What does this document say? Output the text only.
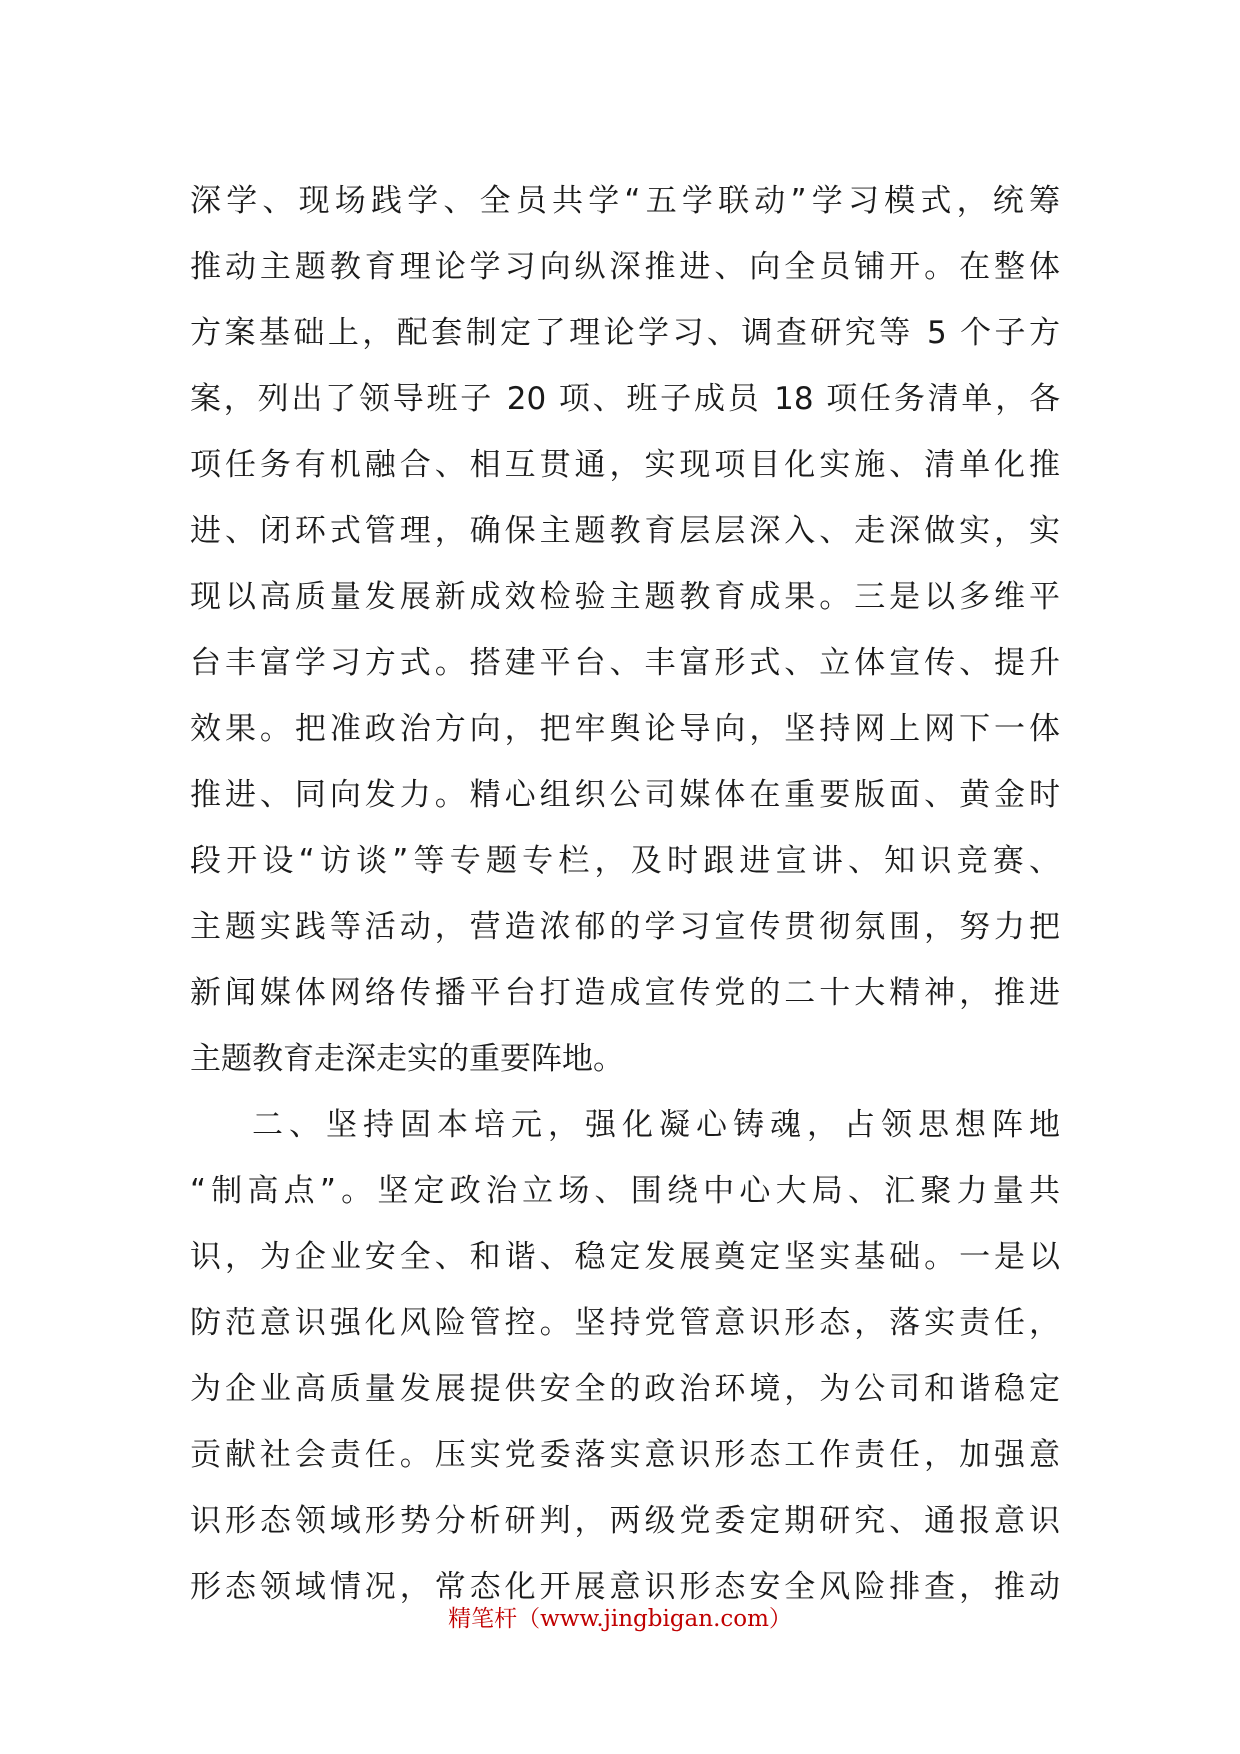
深学、现场践学、全员共学“五学联动”学习模式，统筹
推动主题教育理论学习向纵深推进、向全员铺开。在整体
方案基础上，配套制定了理论学习、调查研究等 5 个子方
案，列出了领导班子 20 项、班子成员 18 项任务清单，各
项任务有机融合、相互贯通，实现项目化实施、清单化推
进、闭环式管理，确保主题教育层层深入、走深做实，实
现以高质量发展新成效检验主题教育成果。三是以多维平
台丰富学习方式。搭建平台、丰富形式、立体宣传、提升
效果。把准政治方向，把牢舆论导向，坚持网上网下一体
推进、同向发力。精心组织公司媒体在重要版面、黄金时
段开设“访谈”等专题专栏，及时跟进宣讲、知识竞赛、
主题实践等活动，营造浓郁的学习宣传贯彻氛围，努力把
新闻媒体网络传播平台打造成宣传党的二十大精神，推进
主题教育走深走实的重要阵地。
二、坚持固本培元，强化凝心铸魂，占领思想阵地
“制高点”。坚定政治立场、围绕中心大局、汇聚力量共
识，为企业安全、和谐、稳定发展奠定坚实基础。一是以
防范意识强化风险管控。坚持党管意识形态，落实责任，
为企业高质量发展提供安全的政治环境，为公司和谐稳定
贡献社会责任。压实党委落实意识形态工作责任，加强意
识形态领域形势分析研判，两级党委定期研究、通报意识
形态领域情况，常态化开展意识形态安全风险排查，推动
精笔杆（www.jingbigan.com）
